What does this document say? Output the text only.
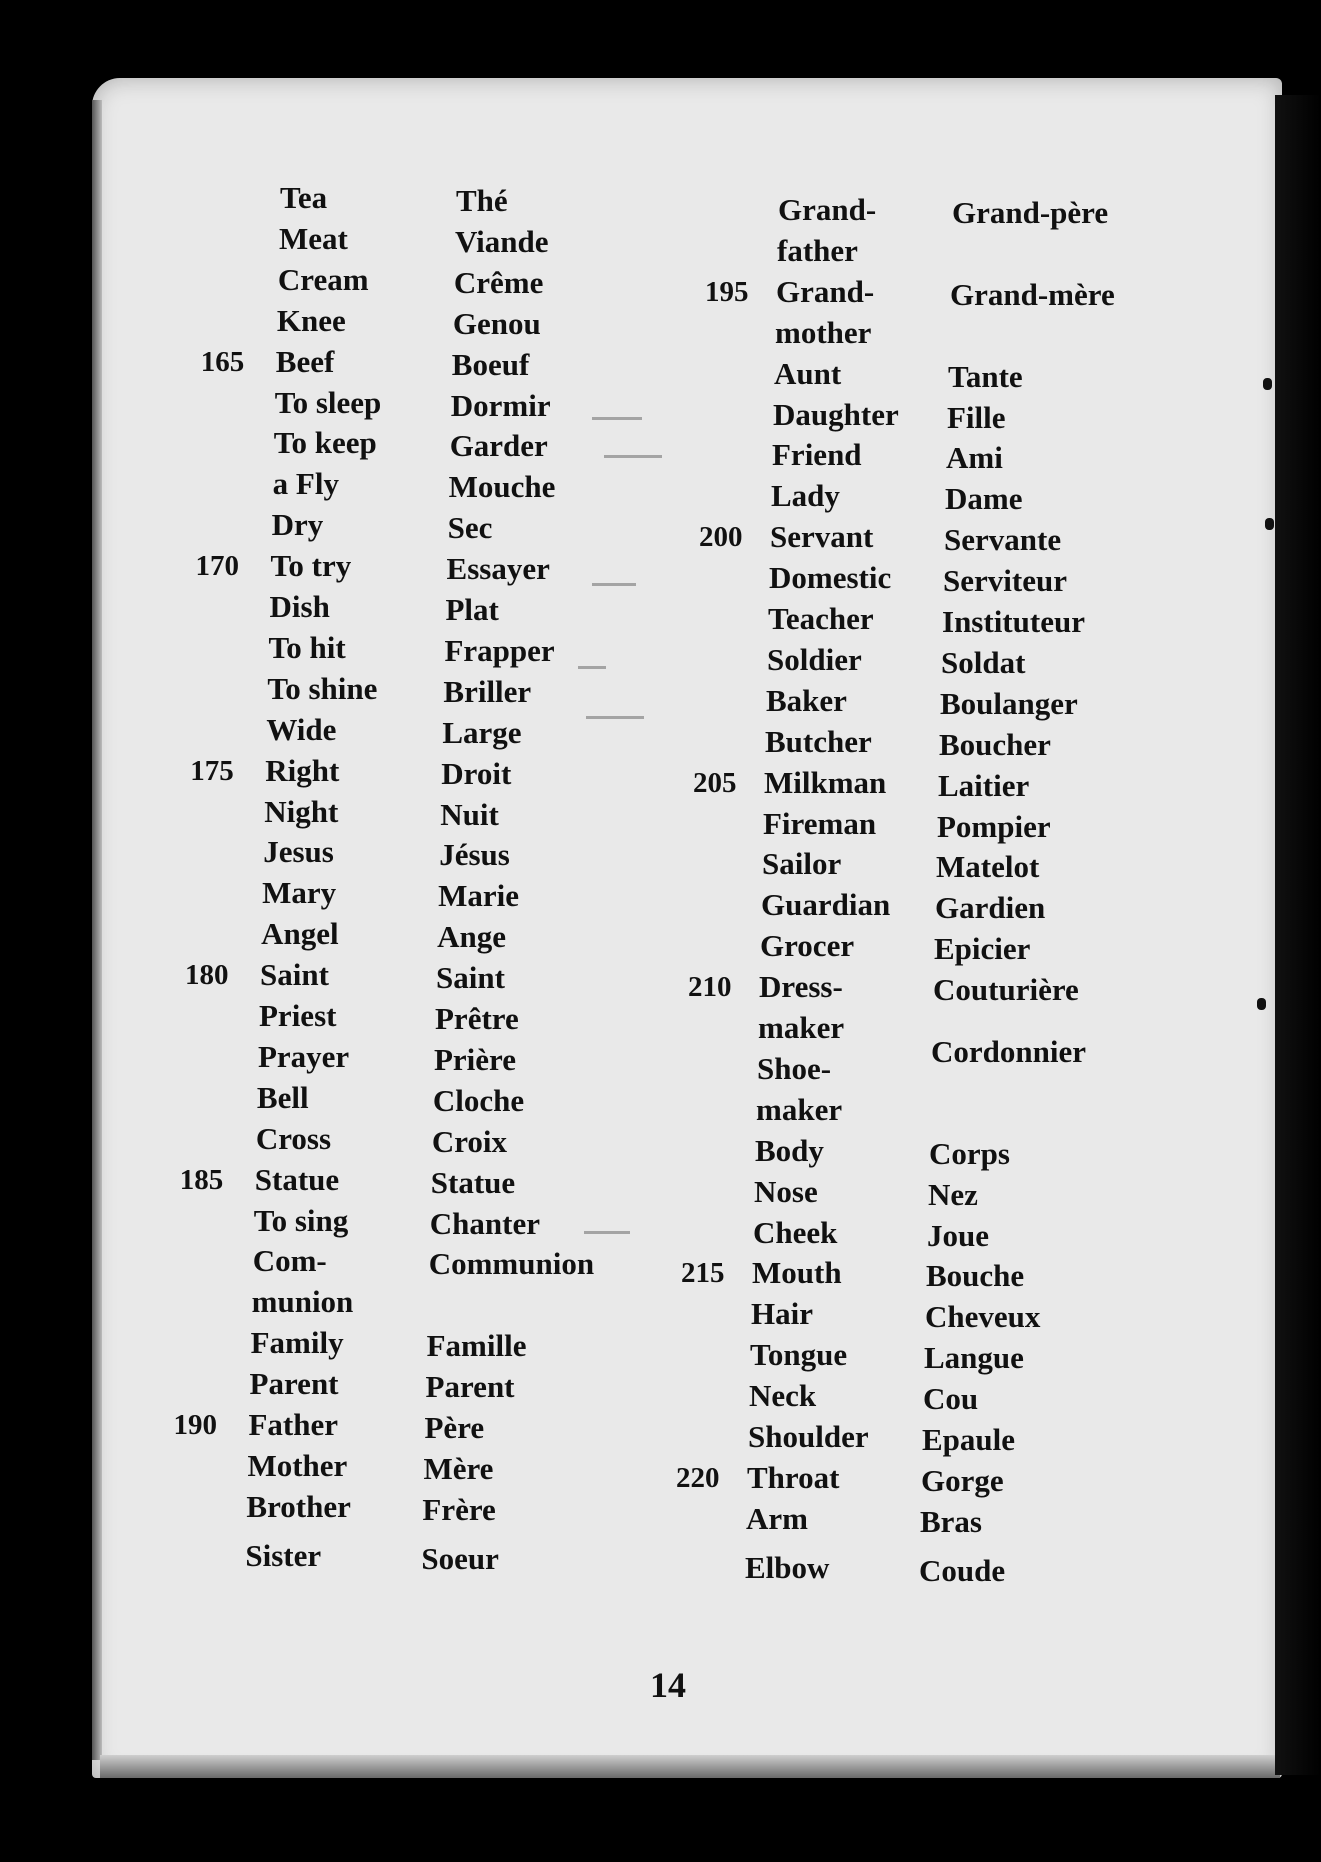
Tea
Meat
Cream
Knee
Beef
To sleep
To keep
a Fly
Dry
To try
Dish
To hit
To shine
Wide
Right
Night
Jesus
Mary
Angel
Saint
Priest
Prayer
Bell
Cross
Statue
To sing
Com-
munion
Family
Parent
Father
Mother
Brother
Sister
Thé
Viande
Crême
Genou
Boeuf
Dormir
Garder
Mouche
Sec
Essayer
Plat
Frapper
Briller
Large
Droit
Nuit
Jésus
Marie
Ange
Saint
Prêtre
Prière
Cloche
Croix
Statue
Chanter
Communion
Famille
Parent
Père
Mère
Frère
Soeur
165
170
175
180
185
190
Grand-
father
Grand-
mother
Aunt
Daughter
Friend
Lady
Servant
Domestic
Teacher
Soldier
Baker
Butcher
Milkman
Fireman
Sailor
Guardian
Grocer
Dress-
maker
Shoe-
maker
Body
Nose
Cheek
Mouth
Hair
Tongue
Neck
Shoulder
Throat
Arm
Elbow
Grand-père
Grand-mère
Tante
Fille
Ami
Dame
Servante
Serviteur
Instituteur
Soldat
Boulanger
Boucher
Laitier
Pompier
Matelot
Gardien
Epicier
Couturière
Cordonnier
Corps
Nez
Joue
Bouche
Cheveux
Langue
Cou
Epaule
Gorge
Bras
Coude
195
200
205
210
215
220
14
